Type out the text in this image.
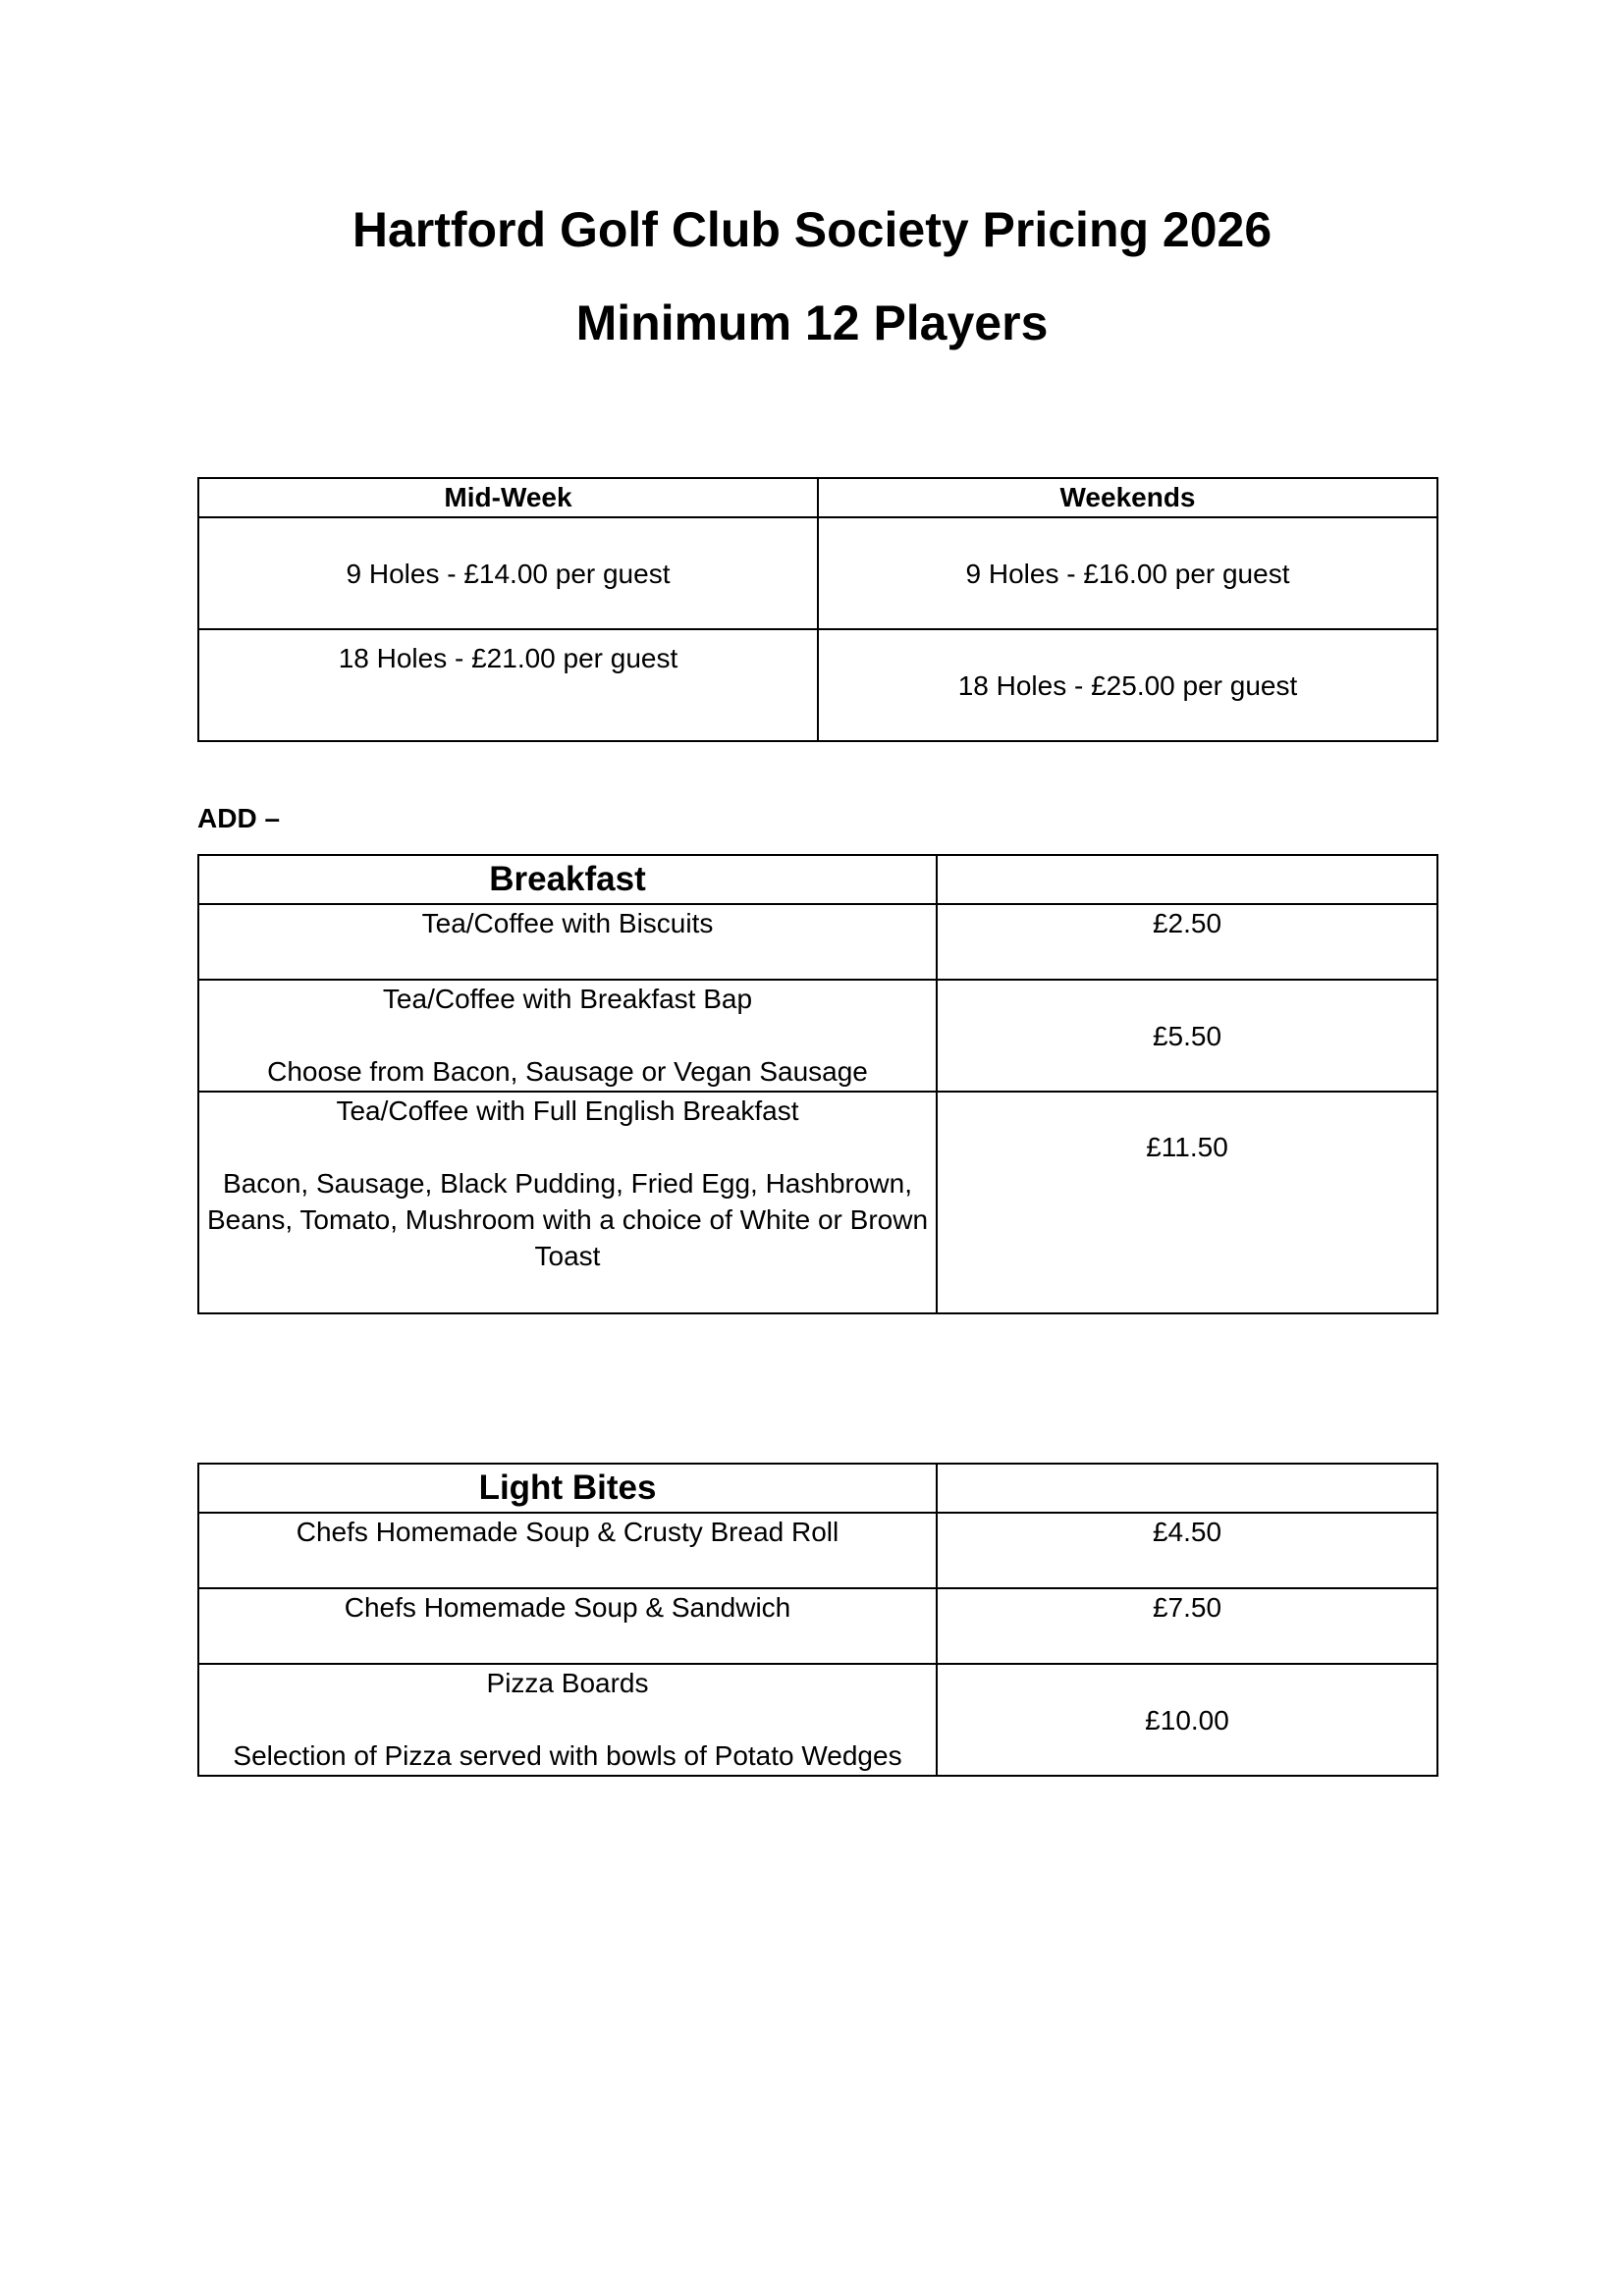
Hartford Golf Club Society Pricing 2026
Minimum 12 Players
Mid-Week	Weekends
9 Holes - £14.00 per guest	9 Holes - £16.00 per guest
18 Holes - £21.00 per guest	18 Holes - £25.00 per guest
ADD –
Breakfast	
Tea/Coffee with Biscuits	£2.50
Tea/Coffee with Breakfast Bap

Choose from Bacon, Sausage or Vegan Sausage	£5.50
Tea/Coffee with Full English Breakfast

Bacon, Sausage, Black Pudding, Fried Egg, Hashbrown, Beans, Tomato, Mushroom with a choice of White or Brown Toast	£11.50
Light Bites	
Chefs Homemade Soup & Crusty Bread Roll	£4.50
Chefs Homemade Soup & Sandwich	£7.50
Pizza Boards

Selection of Pizza served with bowls of Potato Wedges	£10.00
